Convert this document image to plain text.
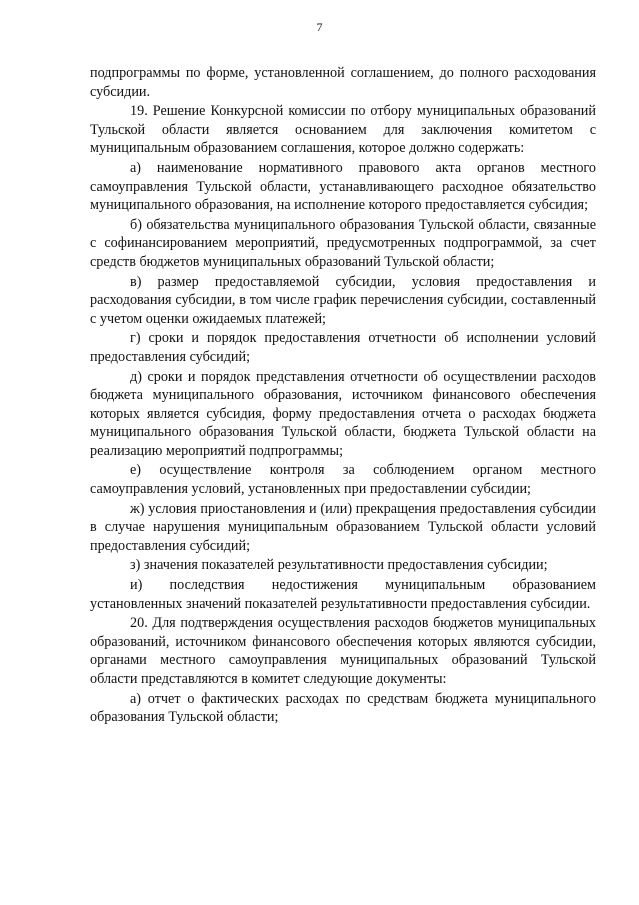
7

подпрограммы по форме, установленной соглашением, до полного расходования субсидии.

19. Решение Конкурсной комиссии по отбору муниципальных образований Тульской области является основанием для заключения комитетом с муниципальным образованием соглашения, которое должно содержать:

а) наименование нормативного правового акта органов местного самоуправления Тульской области, устанавливающего расходное обязательство муниципального образования, на исполнение которого предоставляется субсидия;

б) обязательства муниципального образования Тульской области, связанные с софинансированием мероприятий, предусмотренных подпрограммой, за счет средств бюджетов муниципальных образований Тульской области;

в) размер предоставляемой субсидии, условия предоставления и расходования субсидии, в том числе график перечисления субсидии, составленный с учетом оценки ожидаемых платежей;

г) сроки и порядок предоставления отчетности об исполнении условий предоставления субсидий;

д) сроки и порядок представления отчетности об осуществлении расходов бюджета муниципального образования, источником финансового обеспечения которых является субсидия, форму предоставления отчета о расходах бюджета муниципального образования Тульской области, бюджета Тульской области на реализацию мероприятий подпрограммы;

е) осуществление контроля за соблюдением органом местного самоуправления условий, установленных при предоставлении субсидии;

ж) условия приостановления и (или) прекращения предоставления субсидии в случае нарушения муниципальным образованием Тульской области условий предоставления субсидий;

з) значения показателей результативности предоставления субсидии;

и) последствия недостижения муниципальным образованием установленных значений показателей результативности предоставления субсидии.

20. Для подтверждения осуществления расходов бюджетов муниципальных образований, источником финансового обеспечения которых являются субсидии, органами местного самоуправления муниципальных образований Тульской области представляются в комитет следующие документы:

а) отчет о фактических расходах по средствам бюджета муниципального образования Тульской области;
